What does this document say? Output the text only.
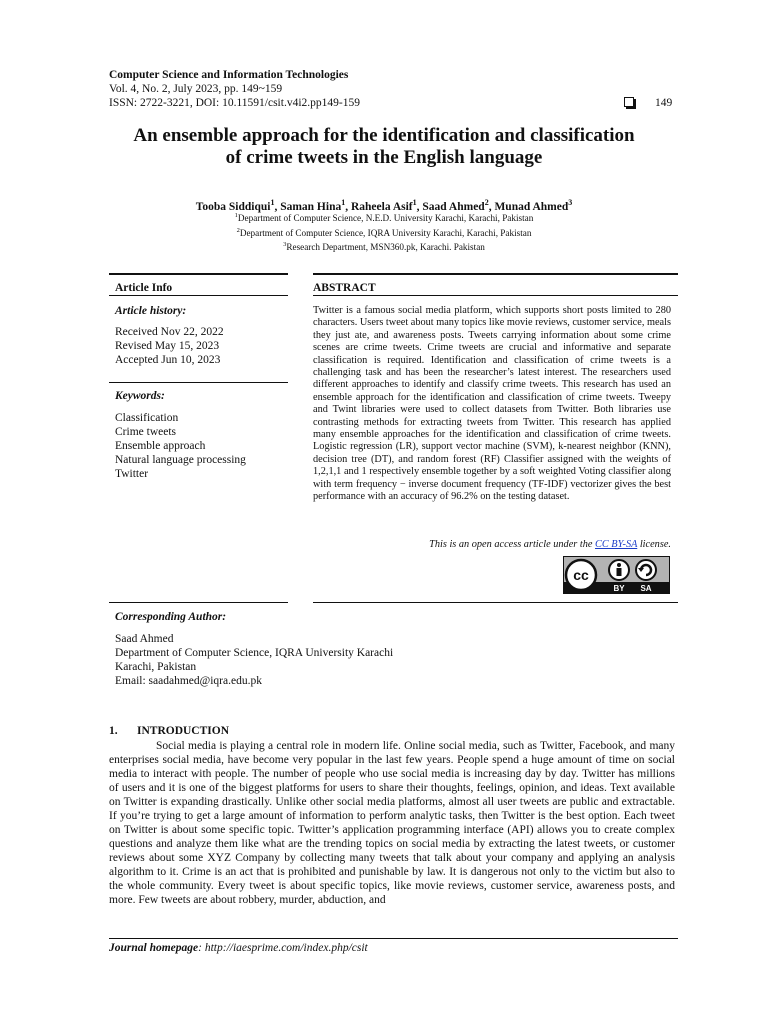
Computer Science and Information Technologies
Vol. 4, No. 2, July 2023, pp. 149~159
ISSN: 2722-3221, DOI: 10.11591/csit.v4i2.pp149-159	149
An ensemble approach for the identification and classification
of crime tweets in the English language
Tooba Siddiqui$^1$, Saman Hina$^1$, Raheela Asif$^1$, Saad Ahmed$^2$, Munad Ahmed$^3$
$^1$Department of Computer Science, N.E.D. University Karachi, Karachi, Pakistan
$^2$Department of Computer Science, IQRA University Karachi, Karachi, Pakistan
$^3$Research Department, MSN360.pk, Karachi. Pakistan
Article Info
Article history:
Received Nov 22, 2022
Revised May 15, 2023
Accepted Jun 10, 2023
Keywords:
Classification
Crime tweets
Ensemble approach
Natural language processing
Twitter
ABSTRACT
Twitter is a famous social media platform, which supports short posts limited to 280 characters. Users tweet about many topics like movie reviews, customer service, meals they just ate, and awareness posts. Tweets carrying information about some crime scenes are crime tweets. Crime tweets are crucial and informative and separate classification is required. Identification and classification of crime tweets is a challenging task and has been the researcher’s latest interest. The researchers used different approaches to identify and classify crime tweets. This research has used an ensemble approach for the identification and classification of crime tweets. Tweepy and Twint libraries were used to collect datasets from Twitter. Both libraries use contrasting methods for extracting tweets from Twitter. This research has applied many ensemble approaches for the identification and classification of crime tweets. Logistic regression (LR), support vector machine (SVM), k-nearest neighbor (KNN), decision tree (DT), and random forest (RF) Classifier assigned with the weights of 1,2,1,1 and 1 respectively ensemble together by a soft weighted Voting classifier along with term frequency − inverse document frequency (TF-IDF) vectorizer gives the best performance with an accuracy of 96.2% on the testing dataset.
This is an open access article under the CC BY-SA license.
cc
BY SA
Corresponding Author:
Saad Ahmed
Department of Computer Science, IQRA University Karachi
Karachi, Pakistan
Email: saadahmed@iqra.edu.pk
1. INTRODUCTION

Social media is playing a central role in modern life. Online social media, such as Twitter, Facebook, and many enterprises social media, have become very popular in the last few years. People spend a huge amount of time on social media to interact with people. The number of people who use social media is increasing day by day. Twitter has millions of users and it is one of the biggest platforms for users to share their thoughts, feelings, opinion, and ideas. Text available on Twitter is expanding drastically. Unlike other social media platforms, almost all user tweets are public and extractable. If you’re trying to get a large amount of information to perform analytic tasks, then Twitter is the best option. Each tweet on Twitter is about some specific topic. Twitter’s application programming interface (API) allows you to create complex questions and analyze them like what are the trending topics on social media by extracting the latest tweets, or customer reviews about some XYZ Company by collecting many tweets that talk about your company and applying an analysis algorithm to it. Crime is an act that is prohibited and punishable by law. It is dangerous not only to the victim but also to the whole community. Every tweet is about specific topics, like movie reviews, customer service, awareness posts, and more. Few tweets are about robbery, murder, abduction, and

Journal homepage: http://iaesprime.com/index.php/csit
